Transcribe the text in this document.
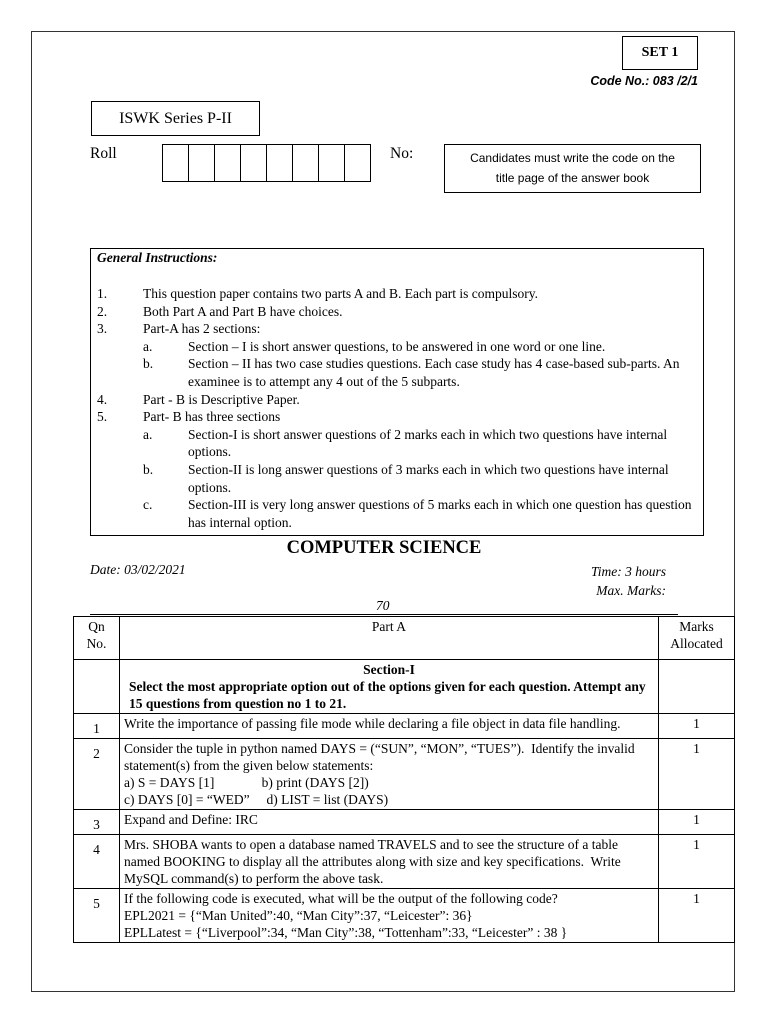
SET 1
Code No.: 083 /2/1
ISWK Series P-II
Roll	No:	Candidates must write the code on the
title page of the answer book
General Instructions:
1.	This question paper contains two parts A and B. Each part is compulsory.
2.	Both Part A and Part B have choices.
3.	Part-A has 2 sections:
a.	Section – I is short answer questions, to be answered in one word or one line.
b.	Section – II has two case studies questions. Each case study has 4 case-based sub-parts. An examinee is to attempt any 4 out of the 5 subparts.
4.	Part - B is Descriptive Paper.
5.	Part- B has three sections
a.	Section-I is short answer questions of 2 marks each in which two questions have internal options.
b.	Section-II is long answer questions of 3 marks each in which two questions have internal options.
c.	Section-III is very long answer questions of 5 marks each in which one question has question has internal option.
COMPUTER SCIENCE
Date: 03/02/2021	Time: 3 hours
Max. Marks:
70
Qn No.	Part A	Marks Allocated

	Section-I
Select the most appropriate option out of the options given for each question. Attempt any 15 questions from question no 1 to 21.	

1	Write the importance of passing file mode while declaring a file object in data file handling.	1
2	Consider the tuple in python named DAYS = (“SUN”, “MON”, “TUES”).  Identify the invalid statement(s) from the given below statements:
a) S = DAYS [1]              b) print (DAYS [2])
c) DAYS [0] = “WED”     d) LIST = list (DAYS)	1
3	Expand and Define: IRC	1
4	Mrs. SHOBA wants to open a database named TRAVELS and to see the structure of a table named BOOKING to display all the attributes along with size and key specifications.  Write MySQL command(s) to perform the above task.	1
5	If the following code is executed, what will be the output of the following code?
EPL2021 = {“Man United”:40, “Man City”:37, “Leicester”: 36}
EPLLatest = {“Liverpool”:34, “Man City”:38, “Tottenham”:33, “Leicester” : 38 }	1
